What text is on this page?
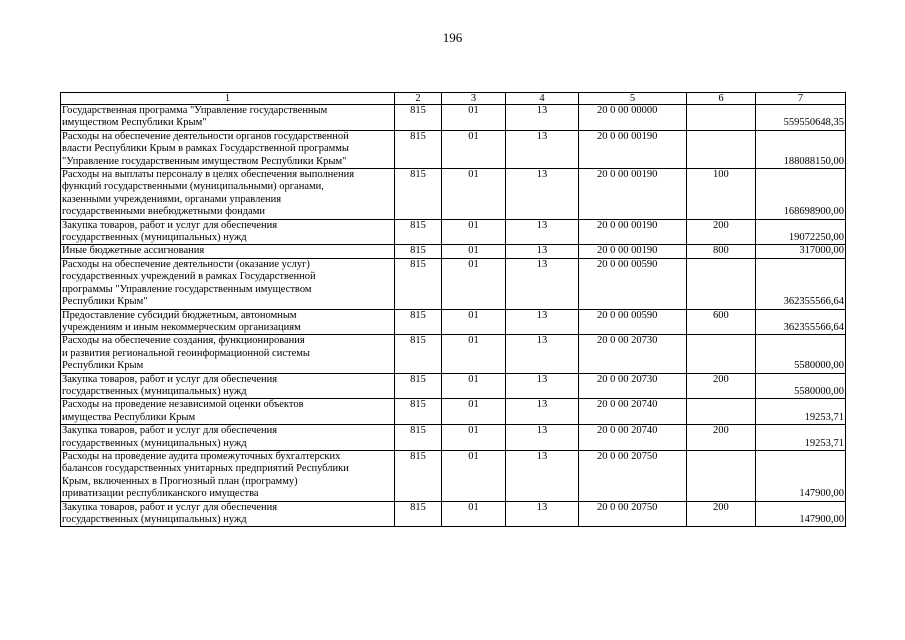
196
1	2	3	4	5	6	7

Государственная программа "Управление государственным
имуществом Республики Крым"	815	01	13	20 0 00 00000		559550648,35

Расходы на обеспечение деятельности органов государственной
власти Республики Крым в рамках Государственной программы
"Управление государственным имуществом Республики Крым"	815	01	13	20 0 00 00190		188088150,00

Расходы на выплаты персоналу в целях обеспечения выполнения
функций государственными (муниципальными) органами,
казенными учреждениями, органами управления
государственными внебюджетными фондами	815	01	13	20 0 00 00190	100	168698900,00

Закупка товаров, работ и услуг для обеспечения
государственных (муниципальных) нужд	815	01	13	20 0 00 00190	200	19072250,00

Иные бюджетные ассигнования	815	01	13	20 0 00 00190	800	317000,00

Расходы на обеспечение деятельности (оказание услуг)
государственных учреждений в рамках Государственной
программы "Управление государственным имуществом
Республики Крым"	815	01	13	20 0 00 00590		362355566,64

Предоставление субсидий бюджетным, автономным
учреждениям и иным некоммерческим организациям	815	01	13	20 0 00 00590	600	362355566,64

Расходы на обеспечение создания, функционирования
и развития региональной геоинформационной системы
Республики Крым	815	01	13	20 0 00 20730		5580000,00

Закупка товаров, работ и услуг для обеспечения
государственных (муниципальных) нужд	815	01	13	20 0 00 20730	200	5580000,00

Расходы на проведение независимой оценки объектов
имущества Республики Крым	815	01	13	20 0 00 20740		19253,71

Закупка товаров, работ и услуг для обеспечения
государственных (муниципальных) нужд	815	01	13	20 0 00 20740	200	19253,71

Расходы на проведение аудита промежуточных бухгалтерских
балансов государственных унитарных предприятий Республики
Крым, включенных в Прогнозный план (программу)
приватизации республиканского имущества	815	01	13	20 0 00 20750		147900,00

Закупка товаров, работ и услуг для обеспечения
государственных (муниципальных) нужд	815	01	13	20 0 00 20750	200	147900,00
